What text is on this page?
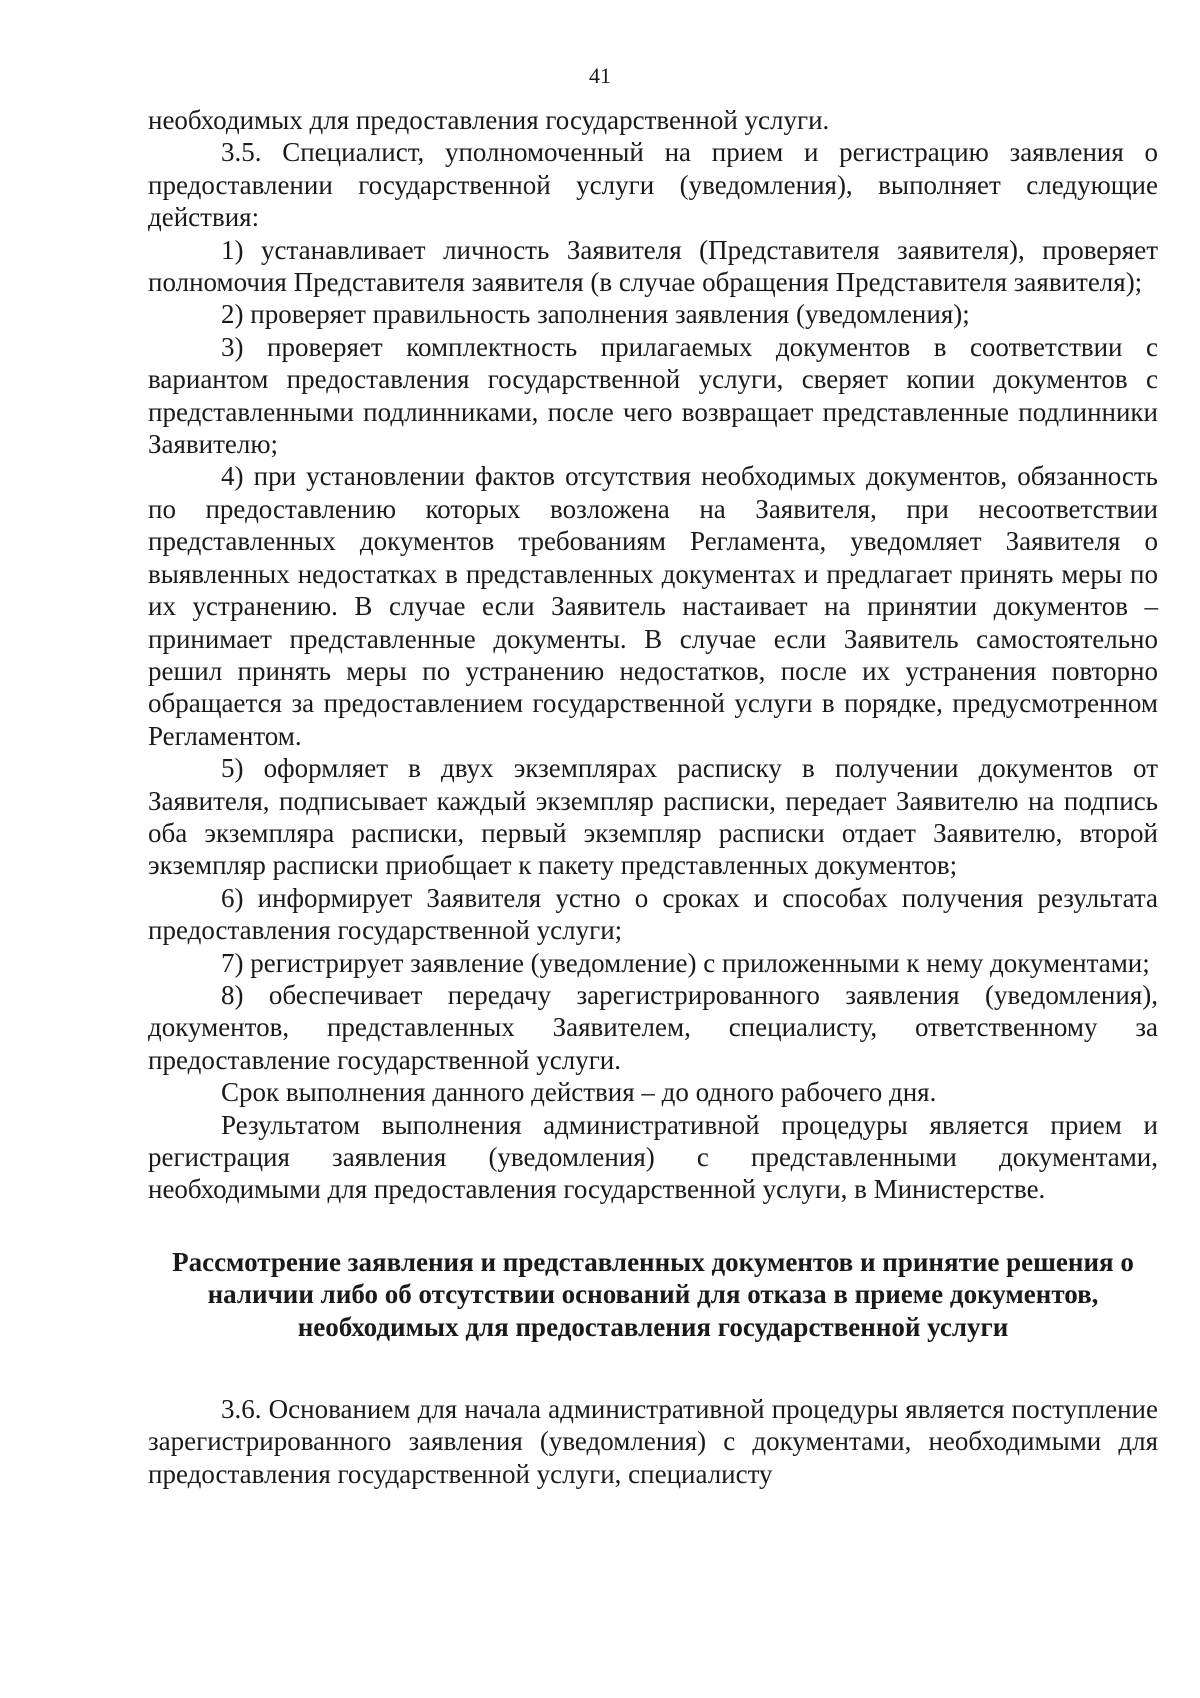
41

необходимых для предоставления государственной услуги.

3.5. Специалист, уполномоченный на прием и регистрацию заявления о предоставлении государственной услуги (уведомления), выполняет следующие действия:

1) устанавливает личность Заявителя (Представителя заявителя), проверяет полномочия Представителя заявителя (в случае обращения Представителя заявителя);

2) проверяет правильность заполнения заявления (уведомления);

3) проверяет комплектность прилагаемых документов в соответствии с вариантом предоставления государственной услуги, сверяет копии документов с представленными подлинниками, после чего возвращает представленные подлинники Заявителю;

4) при установлении фактов отсутствия необходимых документов, обязанность по предоставлению которых возложена на Заявителя, при несоответствии представленных документов требованиям Регламента, уведомляет Заявителя о выявленных недостатках в представленных документах и предлагает принять меры по их устранению. В случае если Заявитель настаивает на принятии документов – принимает представленные документы. В случае если Заявитель самостоятельно решил принять меры по устранению недостатков, после их устранения повторно обращается за предоставлением государственной услуги в порядке, предусмотренном Регламентом.

5) оформляет в двух экземплярах расписку в получении документов от Заявителя, подписывает каждый экземпляр расписки, передает Заявителю на подпись оба экземпляра расписки, первый экземпляр расписки отдает Заявителю, второй экземпляр расписки приобщает к пакету представленных документов;

6) информирует Заявителя устно о сроках и способах получения результата предоставления государственной услуги;

7) регистрирует заявление (уведомление) с приложенными к нему документами;

8) обеспечивает передачу зарегистрированного заявления (уведомления), документов, представленных Заявителем, специалисту, ответственному за предоставление государственной услуги.

Срок выполнения данного действия – до одного рабочего дня.

Результатом выполнения административной процедуры является прием и регистрация заявления (уведомления) с представленными документами, необходимыми для предоставления государственной услуги, в Министерстве.

Рассмотрение заявления и представленных документов и принятие решения о наличии либо об отсутствии оснований для отказа в приеме документов, необходимых для предоставления государственной услуги

3.6. Основанием для начала административной процедуры является поступление зарегистрированного заявления (уведомления) с документами, необходимыми для предоставления государственной услуги, специалисту
